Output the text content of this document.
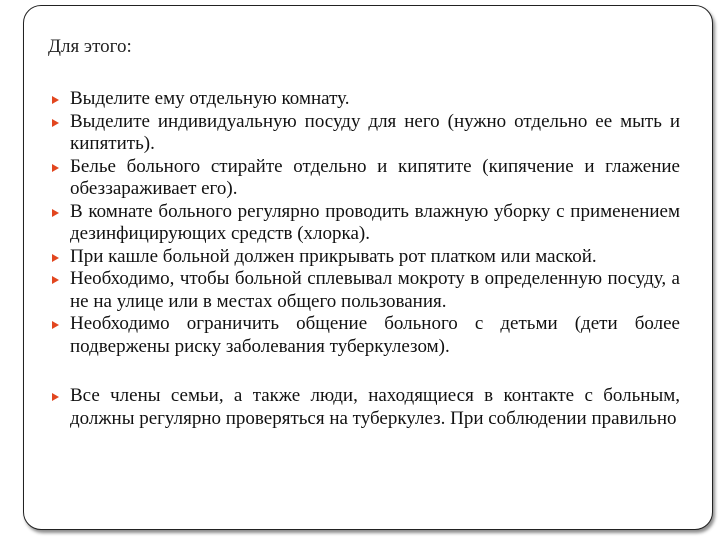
Для этого:
Выделите ему отдельную комнату.
Выделите индивидуальную посуду для него (нужно отдельно ее мыть и кипятить).
Белье больного стирайте отдельно и кипятите (кипячение и глажение обеззараживает его).
В комнате больного регулярно проводить влажную уборку с применением дезинфицирующих средств (хлорка).
При кашле больной должен прикрывать рот платком или маской.
Необходимо, чтобы больной сплевывал мокроту в определенную посуду, а не на улице или в местах общего пользования.
Необходимо ограничить общение больного с детьми (дети более подвержены риску заболевания туберкулезом).
Все члены семьи, а также люди, находящиеся в контакте с больным, должны регулярно проверяться на туберкулез. При соблюдении правильно
